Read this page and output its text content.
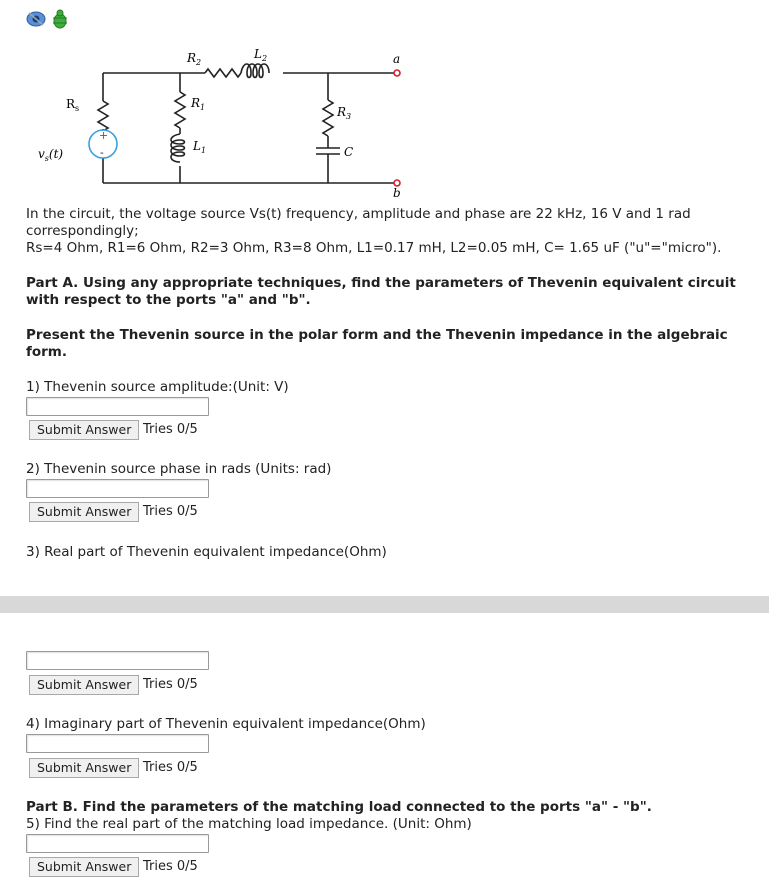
+
-
$R_s$
$v_s(t)$
$R_2$
$L_2$
$R_1$
$L_1$
$R_3$
C
a
b
In the circuit, the voltage source Vs(t) frequency, amplitude and phase are 22 kHz, 16 V and 1 rad
correspondingly;
Rs=4 Ohm, R1=6 Ohm, R2=3 Ohm, R3=8 Ohm, L1=0.17 mH, L2=0.05 mH, C= 1.65 uF ("u"="micro").
Part A. Using any appropriate techniques, find the parameters of Thevenin equivalent circuit
with respect to the ports "a" and "b".
Present the Thevenin source in the polar form and the Thevenin impedance in the algebraic
form.
1) Thevenin source amplitude:(Unit: V)
Submit Answer Tries 0/5
2) Thevenin source phase in rads (Units: rad)
Submit Answer Tries 0/5
3) Real part of Thevenin equivalent impedance(Ohm)
Submit Answer Tries 0/5
4) Imaginary part of Thevenin equivalent impedance(Ohm)
Submit Answer Tries 0/5
Part B. Find the parameters of the matching load connected to the ports "a" - "b".
5) Find the real part of the matching load impedance. (Unit: Ohm)
Submit Answer Tries 0/5
